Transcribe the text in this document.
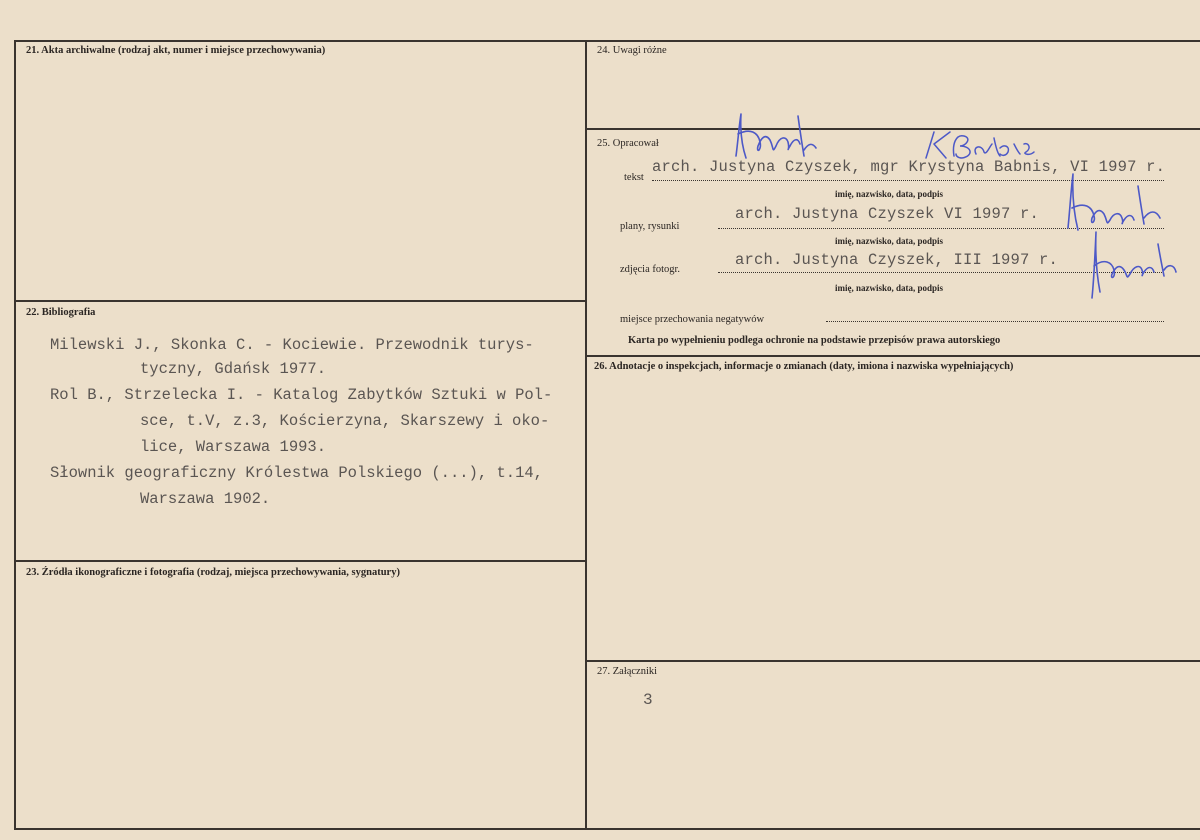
21. Akta archiwalne (rodzaj akt, numer i miejsce przechowywania)
22. Bibliografia
Milewski J., Skonka C. - Kociewie. Przewodnik turys-
tyczny, Gdańsk 1977.
Rol B., Strzelecka I. - Katalog Zabytków Sztuki w Pol-
sce, t.V, z.3, Kościerzyna, Skarszewy i oko-
lice, Warszawa 1993.
Słownik geograficzny Królestwa Polskiego (...), t.14,
Warszawa 1902.
23. Źródła ikonograficzne i fotografia (rodzaj, miejsca przechowywania, sygnatury)
24. Uwagi różne
25. Opracował
tekst
arch. Justyna Czyszek, mgr Krystyna Babnis, VI 1997 r.
imię, nazwisko, data, podpis
plany, rysunki
arch. Justyna Czyszek VI 1997 r.
imię, nazwisko, data, podpis
zdjęcia fotogr.
arch. Justyna Czyszek, III 1997 r.
imię, nazwisko, data, podpis
miejsce przechowania negatywów
Karta po wypełnieniu podlega ochronie na podstawie przepisów prawa autorskiego
26. Adnotacje o inspekcjach, informacje o zmianach (daty, imiona i nazwiska wypełniających)
27. Załączniki
3
